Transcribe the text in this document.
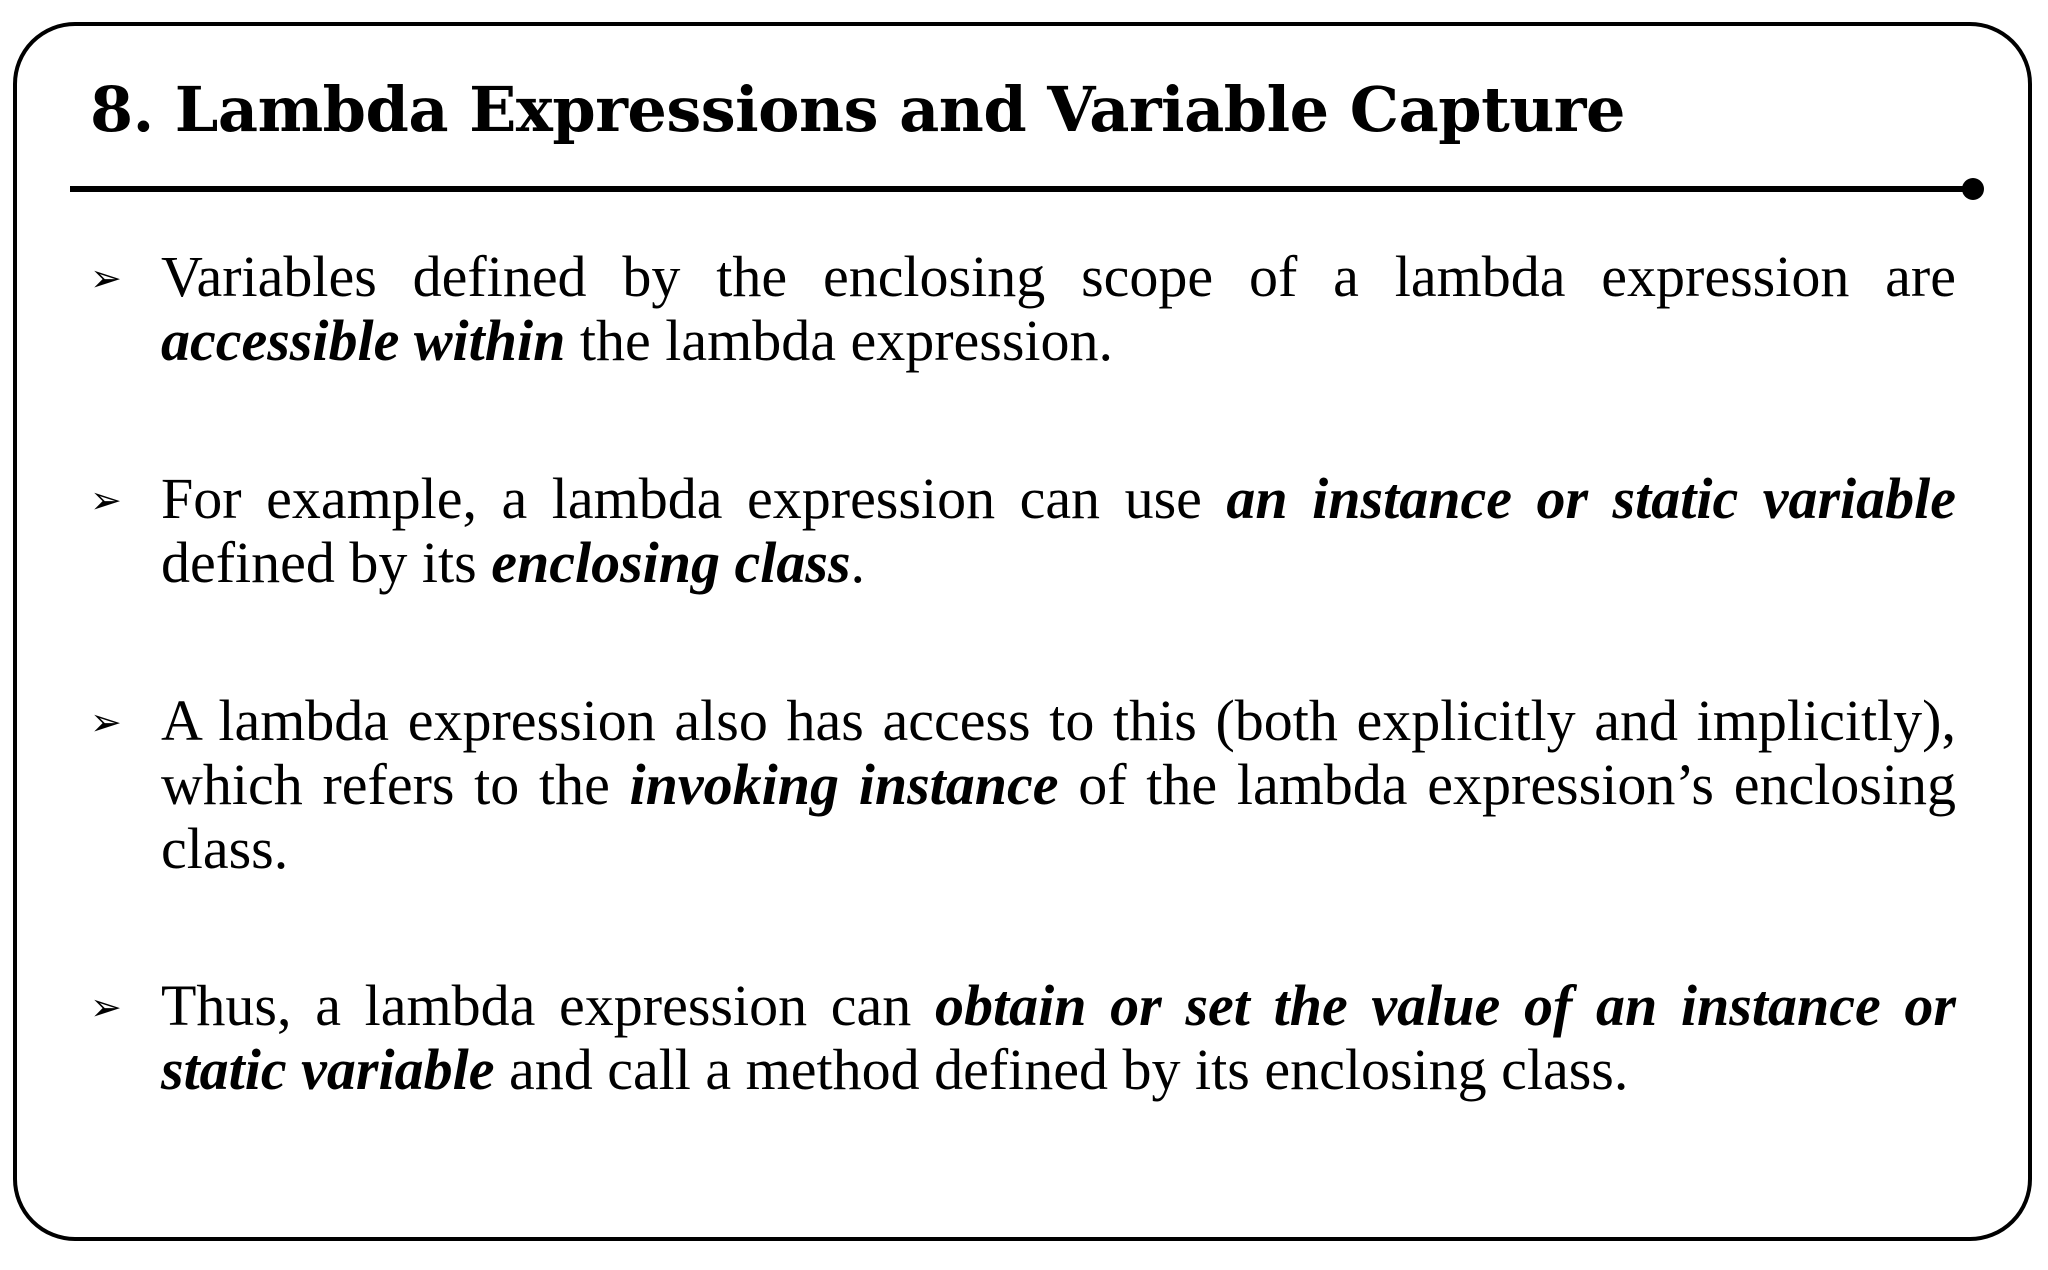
8. Lambda Expressions and Variable Capture
➢ Variables defined by the enclosing scope of a lambda expression are accessible within the lambda expression.

➢ For example, a lambda expression can use an instance or static variable defined by its enclosing class.

➢ A lambda expression also has access to this (both explicitly and implicitly), which refers to the invoking instance of the lambda expression’s enclosing class.

➢ Thus, a lambda expression can obtain or set the value of an instance or static variable and call a method defined by its enclosing class.
